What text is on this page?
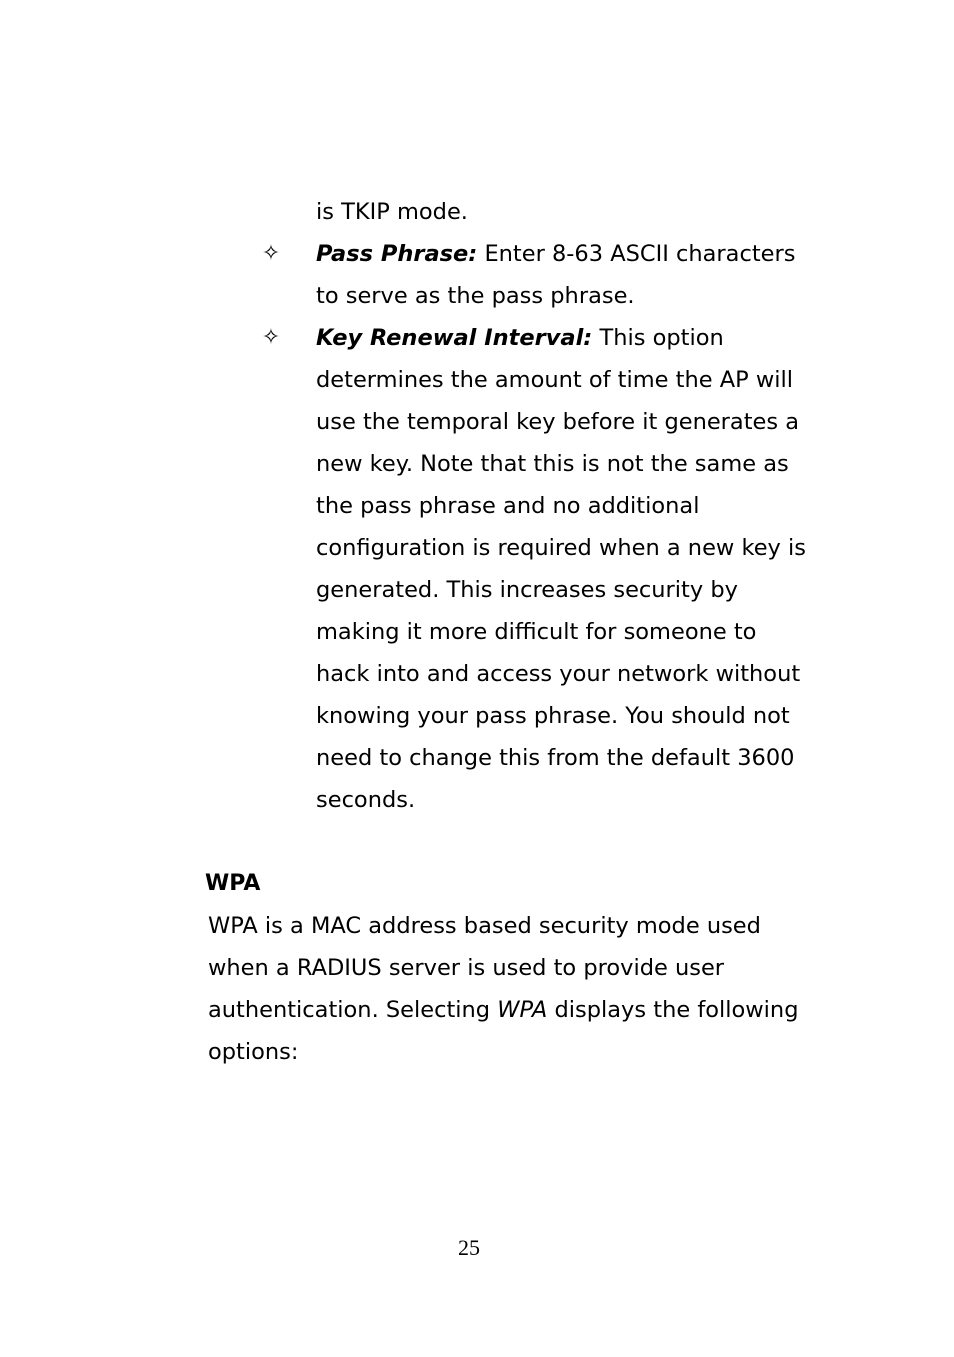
is TKIP mode.

✧ Pass Phrase: Enter 8-63 ASCII characters to serve as the pass phrase.

✧ Key Renewal Interval: This option determines the amount of time the AP will use the temporal key before it generates a new key. Note that this is not the same as the pass phrase and no additional configuration is required when a new key is generated. This increases security by making it more difficult for someone to hack into and access your network without knowing your pass phrase. You should not need to change this from the default 3600 seconds.

WPA

WPA is a MAC address based security mode used when a RADIUS server is used to provide user authentication. Selecting WPA displays the following options:

25
